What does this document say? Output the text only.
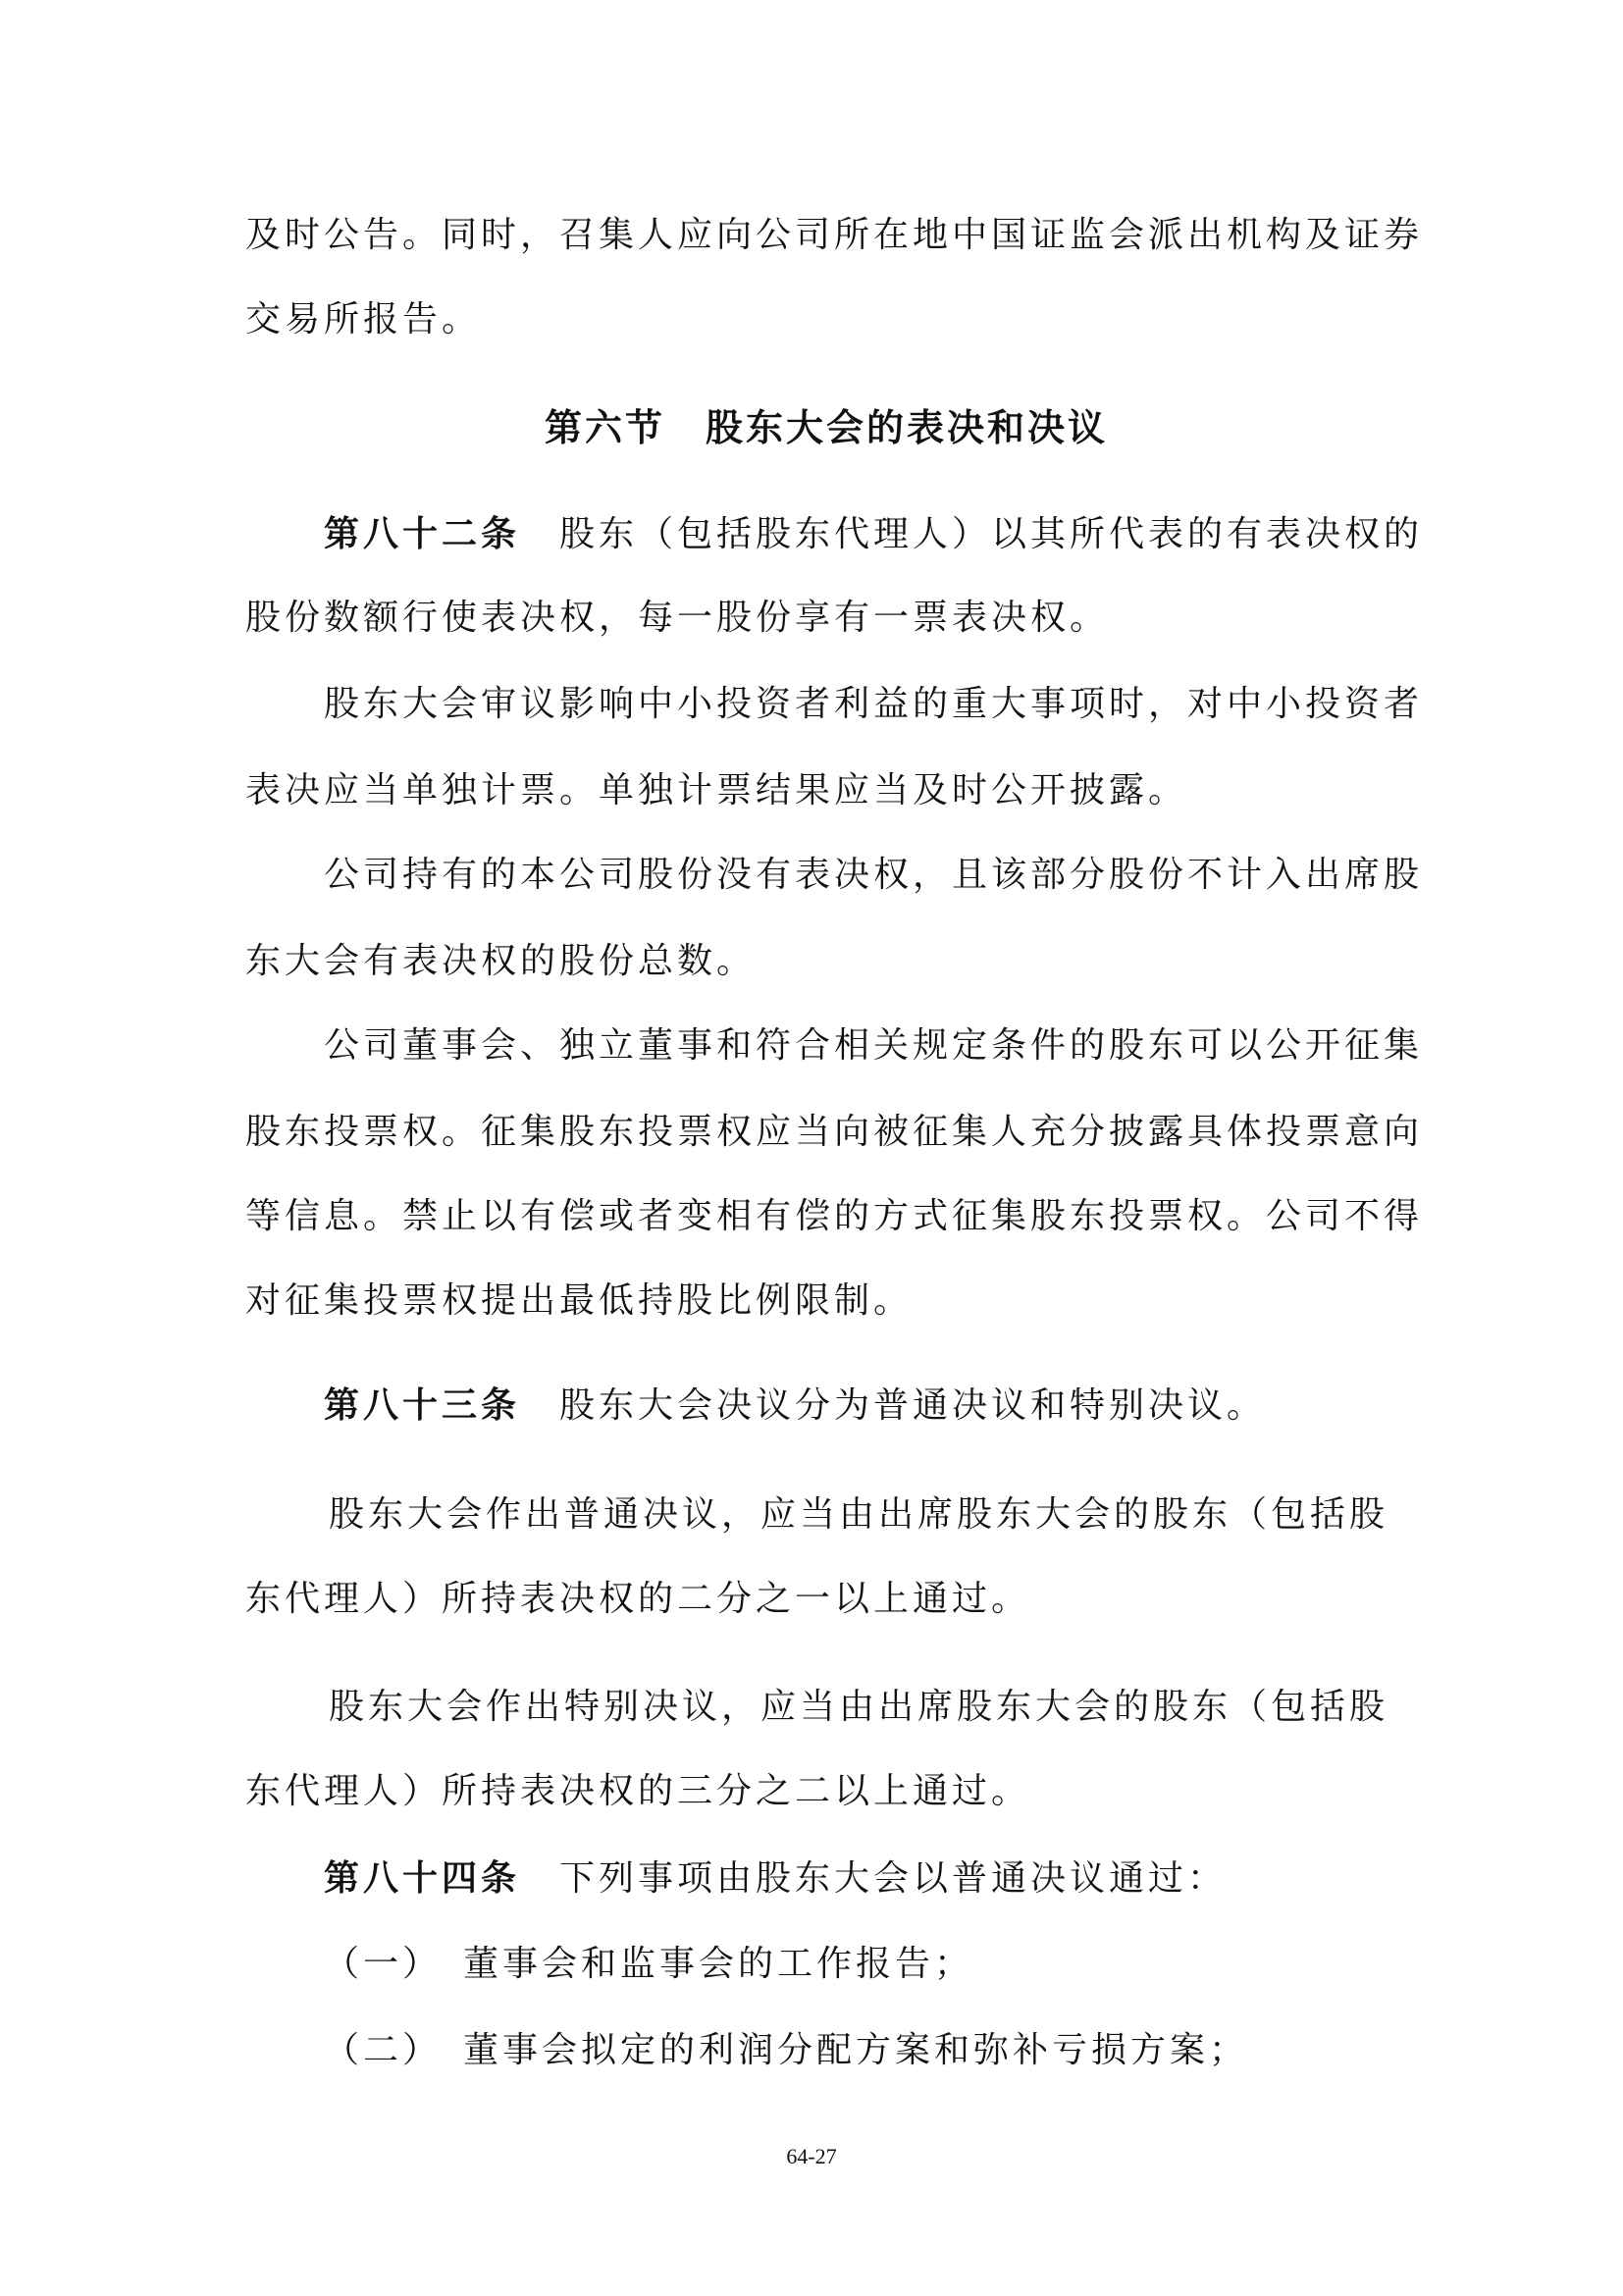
及时公告。同时，召集人应向公司所在地中国证监会派出机构及证券

交易所报告。

第六节　股东大会的表决和决议

第八十二条　股东（包括股东代理人）以其所代表的有表决权的

股份数额行使表决权，每一股份享有一票表决权。

股东大会审议影响中小投资者利益的重大事项时，对中小投资者

表决应当单独计票。单独计票结果应当及时公开披露。

公司持有的本公司股份没有表决权，且该部分股份不计入出席股

东大会有表决权的股份总数。

公司董事会、独立董事和符合相关规定条件的股东可以公开征集

股东投票权。征集股东投票权应当向被征集人充分披露具体投票意向

等信息。禁止以有偿或者变相有偿的方式征集股东投票权。公司不得

对征集投票权提出最低持股比例限制。

第八十三条　股东大会决议分为普通决议和特别决议。

股东大会作出普通决议，应当由出席股东大会的股东（包括股

东代理人）所持表决权的二分之一以上通过。

股东大会作出特别决议，应当由出席股东大会的股东（包括股

东代理人）所持表决权的三分之二以上通过。

第八十四条　下列事项由股东大会以普通决议通过：

（一）　董事会和监事会的工作报告；

（二）　董事会拟定的利润分配方案和弥补亏损方案；

64-27
